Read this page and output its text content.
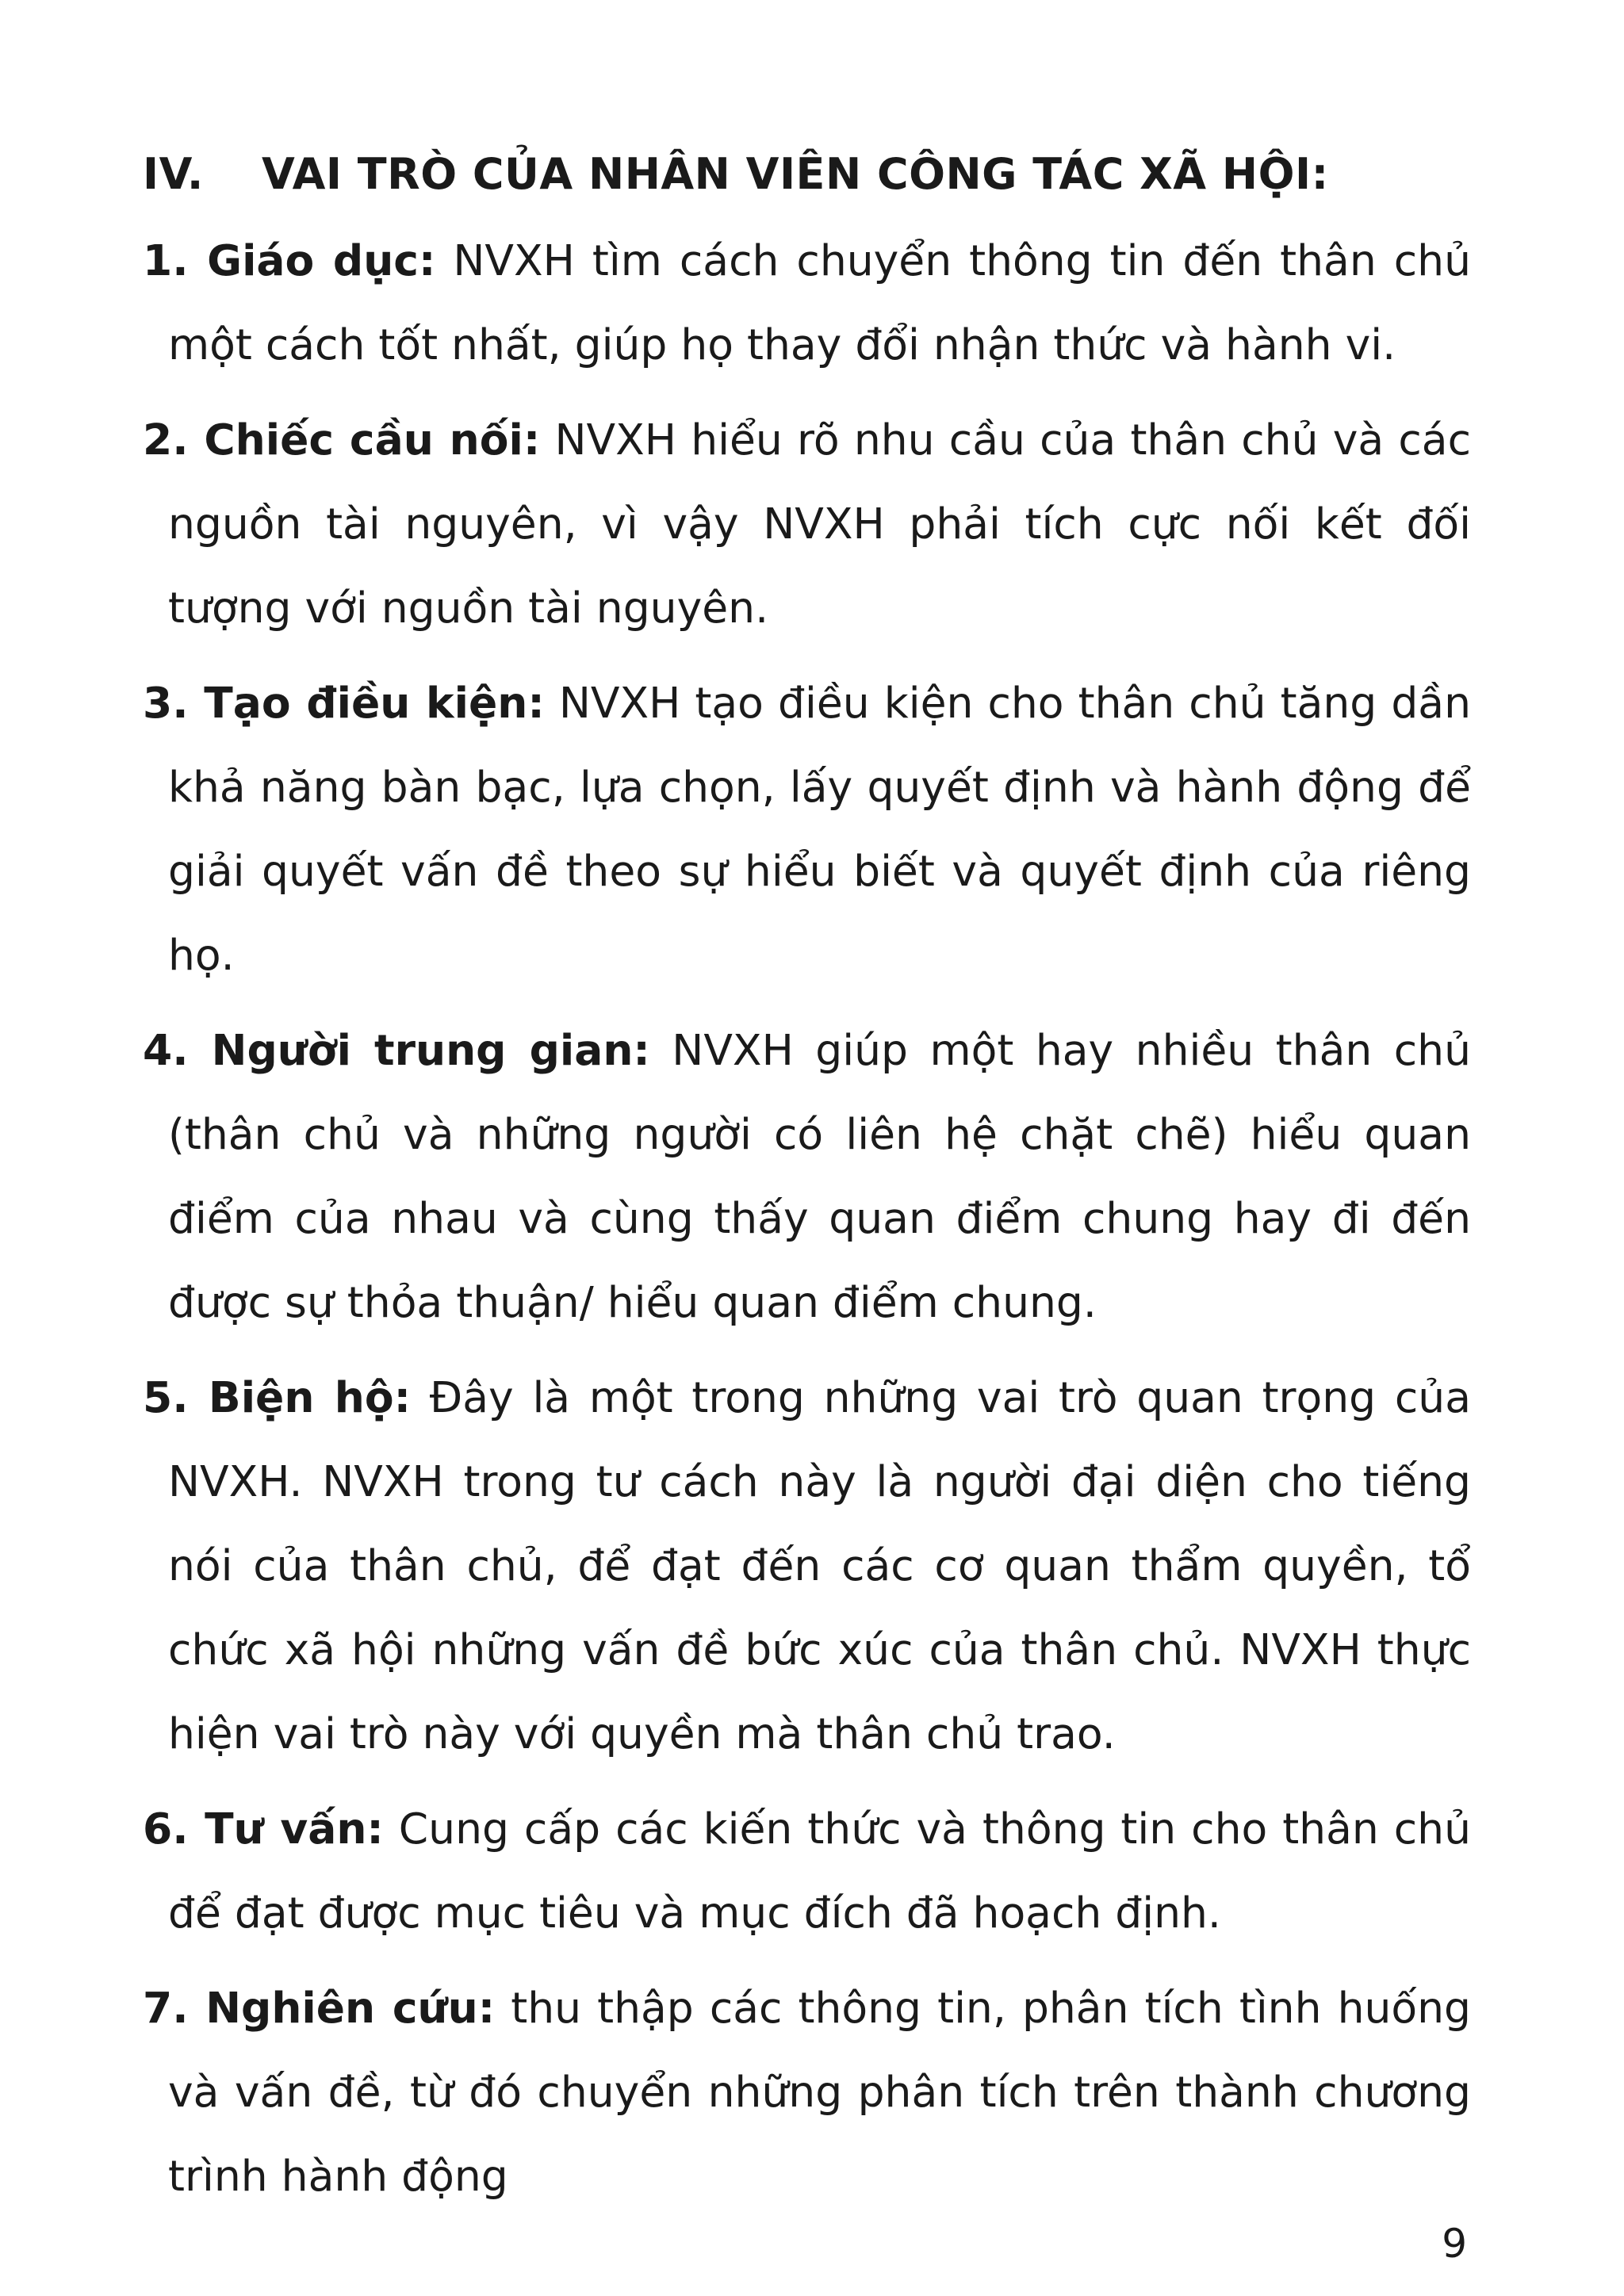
IV. VAI TRÒ CỦA NHÂN VIÊN CÔNG TÁC XÃ HỘI:
1. Giáo dục: NVXH tìm cách chuyển thông tin đến thân chủ một cách tốt nhất, giúp họ thay đổi nhận thức và hành vi.
2. Chiếc cầu nối: NVXH hiểu rõ nhu cầu của thân chủ và các nguồn tài nguyên, vì vậy NVXH phải tích cực nối kết đối tượng với nguồn tài nguyên.
3. Tạo điều kiện: NVXH tạo điều kiện cho thân chủ tăng dần khả năng bàn bạc, lựa chọn, lấy quyết định và hành động để giải quyết vấn đề theo sự hiểu biết và quyết định của riêng họ.
4. Người trung gian: NVXH giúp một hay nhiều thân chủ (thân chủ và những người có liên hệ chặt chẽ) hiểu quan điểm của nhau và cùng thấy quan điểm chung hay đi đến được sự thỏa thuận/ hiểu quan điểm chung.
5. Biện hộ: Đây là một trong những vai trò quan trọng của NVXH. NVXH trong tư cách này là người đại diện cho tiếng nói của thân chủ, để đạt đến các cơ quan thẩm quyền, tổ chức xã hội những vấn đề bức xúc của thân chủ. NVXH thực hiện vai trò này với quyền mà thân chủ trao.
6. Tư vấn: Cung cấp các kiến thức và thông tin cho thân chủ để đạt được mục tiêu và mục đích đã hoạch định.
7. Nghiên cứu: thu thập các thông tin, phân tích tình huống và vấn đề, từ đó chuyển những phân tích trên thành chương trình hành động
9
